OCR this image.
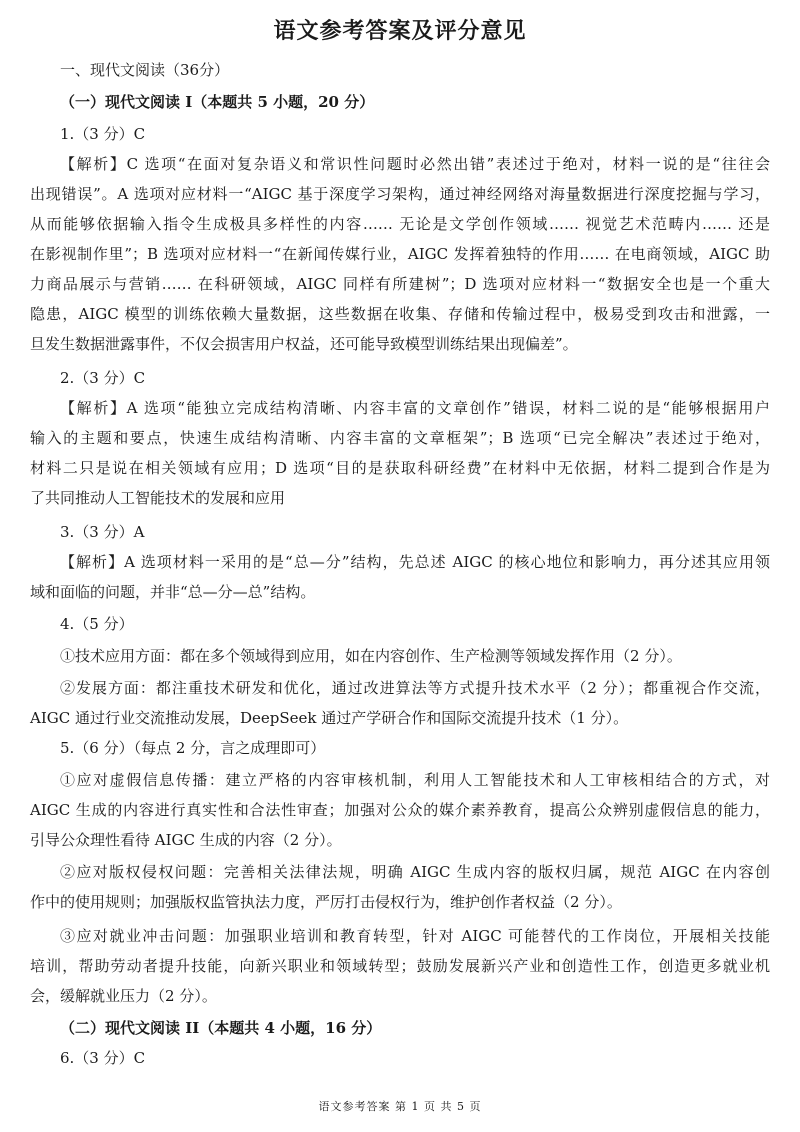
语文参考答案及评分意见
一、现代文阅读（36分）
（一）现代文阅读 I（本题共 5 小题，20 分）
1.（3 分）C
【解析】C 选项“在面对复杂语义和常识性问题时必然出错”表述过于绝对，材料一说的是“往往会
出现错误”。A 选项对应材料一“AIGC 基于深度学习架构，通过神经网络对海量数据进行深度挖掘与学习，
从而能够依据输入指令生成极具多样性的内容…… 无论是文学创作领域…… 视觉艺术范畴内…… 还是
在影视制作里”；B 选项对应材料一“在新闻传媒行业，AIGC 发挥着独特的作用…… 在电商领域，AIGC 助
力商品展示与营销…… 在科研领域，AIGC 同样有所建树”；D 选项对应材料一“数据安全也是一个重大
隐患，AIGC 模型的训练依赖大量数据，这些数据在收集、存储和传输过程中，极易受到攻击和泄露，一
旦发生数据泄露事件，不仅会损害用户权益，还可能导致模型训练结果出现偏差”。
2.（3 分）C
【解析】A 选项“能独立完成结构清晰、内容丰富的文章创作”错误，材料二说的是“能够根据用户
输入的主题和要点，快速生成结构清晰、内容丰富的文章框架”；B 选项“已完全解决”表述过于绝对，
材料二只是说在相关领域有应用；D 选项“目的是获取科研经费”在材料中无依据，材料二提到合作是为
了共同推动人工智能技术的发展和应用
3.（3 分）A
【解析】A 选项材料一采用的是“总—分”结构，先总述 AIGC 的核心地位和影响力，再分述其应用领
域和面临的问题，并非“总—分—总”结构。
4.（5 分）
①技术应用方面：都在多个领域得到应用，如在内容创作、生产检测等领域发挥作用（2 分）。
②发展方面：都注重技术研发和优化，通过改进算法等方式提升技术水平（2 分）；都重视合作交流，
AIGC 通过行业交流推动发展，DeepSeek 通过产学研合作和国际交流提升技术（1 分）。
5.（6 分）（每点 2 分，言之成理即可）
①应对虚假信息传播：建立严格的内容审核机制，利用人工智能技术和人工审核相结合的方式，对
AIGC 生成的内容进行真实性和合法性审查；加强对公众的媒介素养教育，提高公众辨别虚假信息的能力，
引导公众理性看待 AIGC 生成的内容（2 分）。
②应对版权侵权问题：完善相关法律法规，明确 AIGC 生成内容的版权归属，规范 AIGC 在内容创
作中的使用规则；加强版权监管执法力度，严厉打击侵权行为，维护创作者权益（2 分）。
③应对就业冲击问题：加强职业培训和教育转型，针对 AIGC 可能替代的工作岗位，开展相关技能
培训，帮助劳动者提升技能，向新兴职业和领域转型；鼓励发展新兴产业和创造性工作，创造更多就业机
会，缓解就业压力（2 分）。
（二）现代文阅读 II（本题共 4 小题，16 分）
6.（3 分）C
语文参考答案 第 1 页 共 5 页
